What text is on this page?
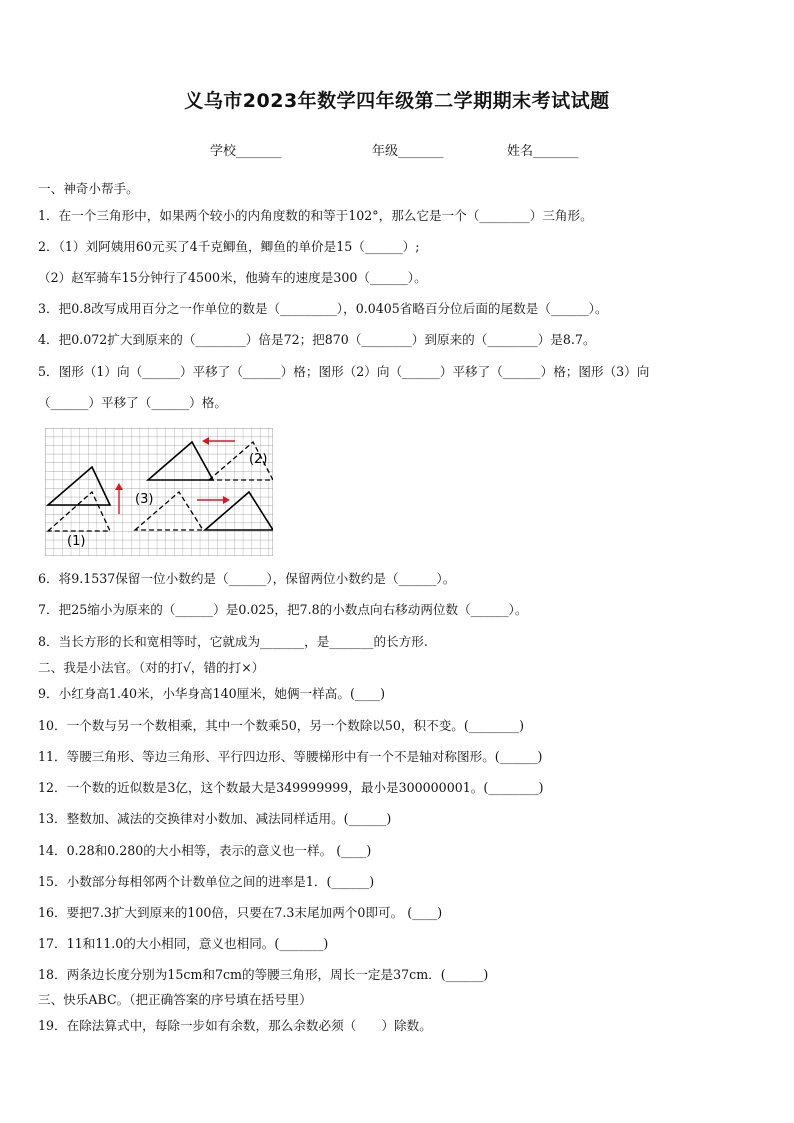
义乌市2023年数学四年级第二学期期末考试试题
学校_______	年级_______	姓名_______
一、神奇小帮手。
1．在一个三角形中，如果两个较小的内角度数的和等于102°，那么它是一个（________）三角形。
2．（1）刘阿姨用60元买了4千克鲫鱼，鲫鱼的单价是15（______）;
（2）赵军骑车15分钟行了4500米，他骑车的速度是300（______）。
3．把0.8改写成用百分之一作单位的数是（_________），0.0405省略百分位后面的尾数是（______）。
4．把0.072扩大到原来的（________）倍是72；把870（________）到原来的（________）是8.7。
5．图形（1）向（______）平移了（______）格；图形（2）向（______）平移了（______）格；图形（3）向
（______）平移了（______）格。
(1)
(2)
(3)
6．将9.1537保留一位小数约是（______），保留两位小数约是（______）。
7．把25缩小为原来的（______）是0.025，把7.8的小数点向右移动两位数（______）。
8．当长方形的长和宽相等时，它就成为_______，是_______的长方形.
二、我是小法官。（对的打√，错的打×）
9．小红身高1.40米，小华身高140厘米，她俩一样高。(____)
10．一个数与另一个数相乘，其中一个数乘50，另一个数除以50，积不变。(________)
11．等腰三角形、等边三角形、平行四边形、等腰梯形中有一个不是轴对称图形。(______)
12．一个数的近似数是3亿，这个数最大是349999999，最小是300000001。(________)
13．整数加、减法的交换律对小数加、减法同样适用。(______)
14．0.28和0.280的大小相等，表示的意义也一样。 (____)
15．小数部分每相邻两个计数单位之间的进率是1．(______)
16．要把7.3扩大到原来的100倍，只要在7.3末尾加两个0即可。 (____)
17．11和11.0的大小相同，意义也相同。(_______)
18．两条边长度分别为15cm和7cm的等腰三角形，周长一定是37cm．(______)
三、快乐ABC。（把正确答案的序号填在括号里）
19．在除法算式中，每除一步如有余数，那么余数必须（　　）除数。
